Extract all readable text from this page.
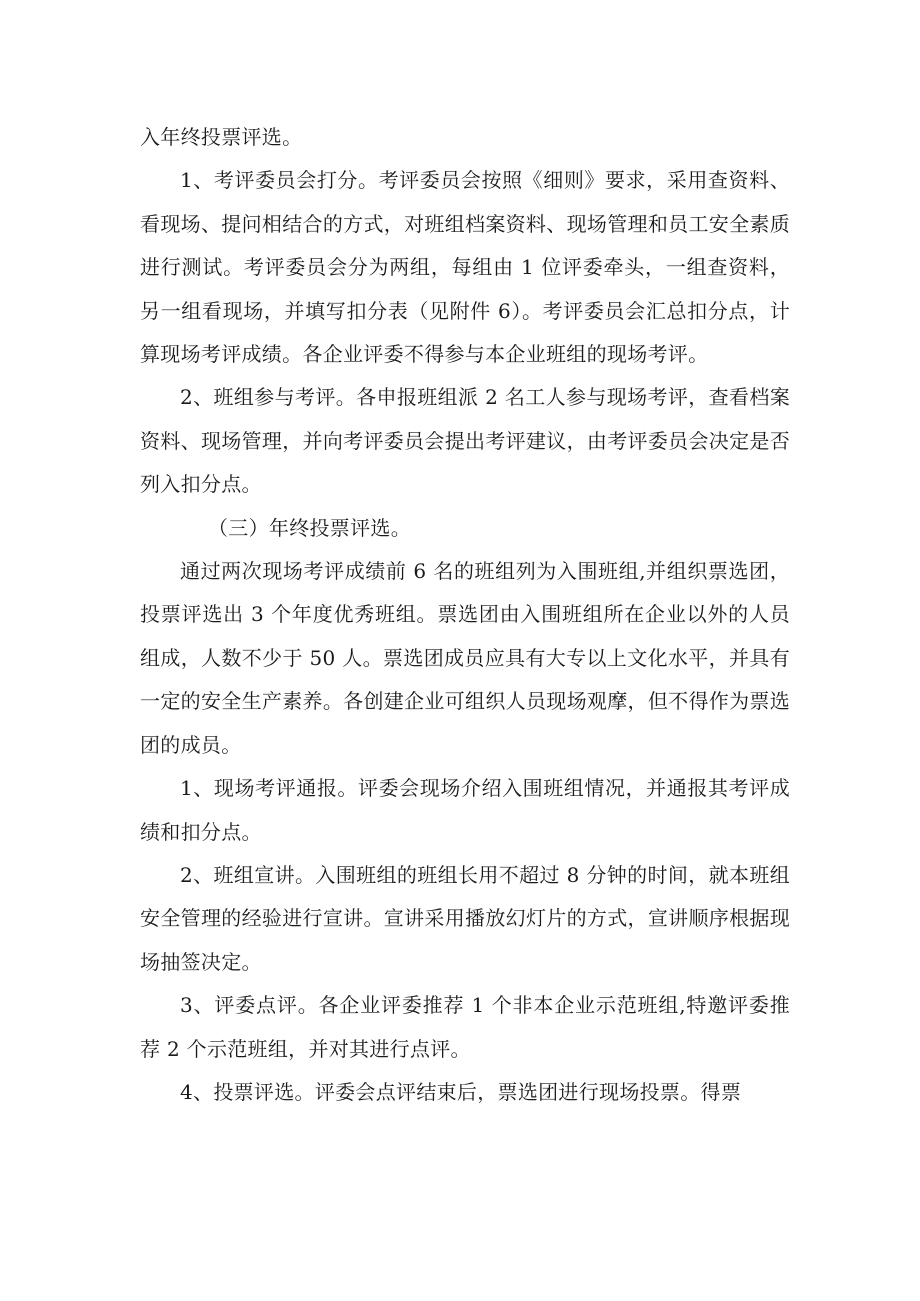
入年终投票评选。

1、考评委员会打分。考评委员会按照《细则》要求，采用查资料、看现场、提问相结合的方式，对班组档案资料、现场管理和员工安全素质进行测试。考评委员会分为两组，每组由 1 位评委牵头，一组查资料，另一组看现场，并填写扣分表（见附件 6）。考评委员会汇总扣分点，计算现场考评成绩。各企业评委不得参与本企业班组的现场考评。

2、班组参与考评。各申报班组派 2 名工人参与现场考评，查看档案资料、现场管理，并向考评委员会提出考评建议，由考评委员会决定是否列入扣分点。

（三）年终投票评选。

通过两次现场考评成绩前 6 名的班组列为入围班组,并组织票选团，投票评选出 3 个年度优秀班组。票选团由入围班组所在企业以外的人员组成，人数不少于 50 人。票选团成员应具有大专以上文化水平，并具有一定的安全生产素养。各创建企业可组织人员现场观摩，但不得作为票选团的成员。

1、现场考评通报。评委会现场介绍入围班组情况，并通报其考评成绩和扣分点。

2、班组宣讲。入围班组的班组长用不超过 8 分钟的时间，就本班组安全管理的经验进行宣讲。宣讲采用播放幻灯片的方式，宣讲顺序根据现场抽签决定。

3、评委点评。各企业评委推荐 1 个非本企业示范班组,特邀评委推荐 2 个示范班组，并对其进行点评。

4、投票评选。评委会点评结束后，票选团进行现场投票。得票
